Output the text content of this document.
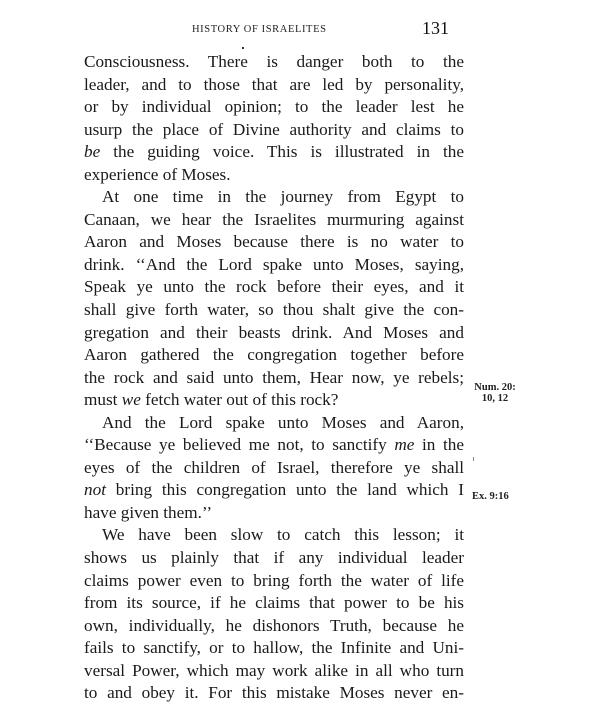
HISTORY OF ISRAELITES	131
Consciousness. There is danger both to the
leader, and to those that are led by personality,
or by individual opinion; to the leader lest he
usurp the place of Divine authority and claims to
be the guiding voice. This is illustrated in the
experience of Moses.
At one time in the journey from Egypt to
Canaan, we hear the Israelites murmuring against
Aaron and Moses because there is no water to
drink. ‘‘And the Lord spake unto Moses, saying,
Speak ye unto the rock before their eyes, and it
shall give forth water, so thou shalt give the con-
gregation and their beasts drink. And Moses and
Aaron gathered the congregation together before
the rock and said unto them, Hear now, ye rebels;
must we fetch water out of this rock?
And the Lord spake unto Moses and Aaron,
‘‘Because ye believed me not, to sanctify me in the
eyes of the children of Israel, therefore ye shall
not bring this congregation unto the land which I
have given them.’’
We have been slow to catch this lesson; it
shows us plainly that if any individual leader
claims power even to bring forth the water of life
from its source, if he claims that power to be his
own, individually, he dishonors Truth, because he
fails to sanctify, or to hallow, the Infinite and Uni-
versal Power, which may work alike in all who turn
to and obey it. For this mistake Moses never en-
Num. 20:
10, 12
Ex. 9:16
